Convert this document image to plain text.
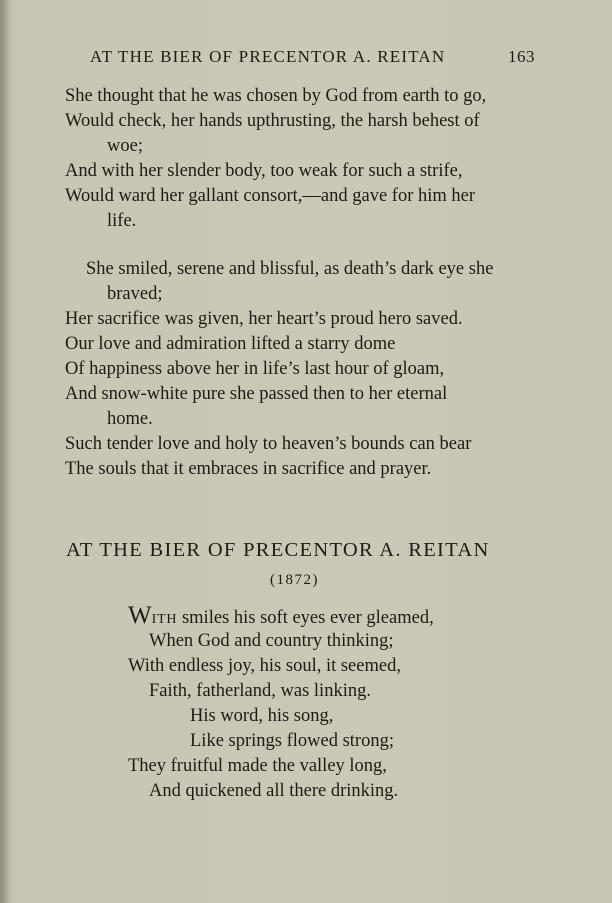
AT THE BIER OF PRECENTOR A. REITAN	163
She thought that he was chosen by God from earth to go,
Would check, her hands upthrusting, the harsh behest of
woe;
And with her slender body, too weak for such a strife,
Would ward her gallant consort,—and gave for him her
life.
She smiled, serene and blissful, as death’s dark eye she
braved;
Her sacrifice was given, her heart’s proud hero saved.
Our love and admiration lifted a starry dome
Of happiness above her in life’s last hour of gloam,
And snow-white pure she passed then to her eternal
home.
Such tender love and holy to heaven’s bounds can bear
The souls that it embraces in sacrifice and prayer.
AT THE BIER OF PRECENTOR A. REITAN
(1872)
WITH smiles his soft eyes ever gleamed,
When God and country thinking;
With endless joy, his soul, it seemed,
Faith, fatherland, was linking.
His word, his song,
Like springs flowed strong;
They fruitful made the valley long,
And quickened all there drinking.
